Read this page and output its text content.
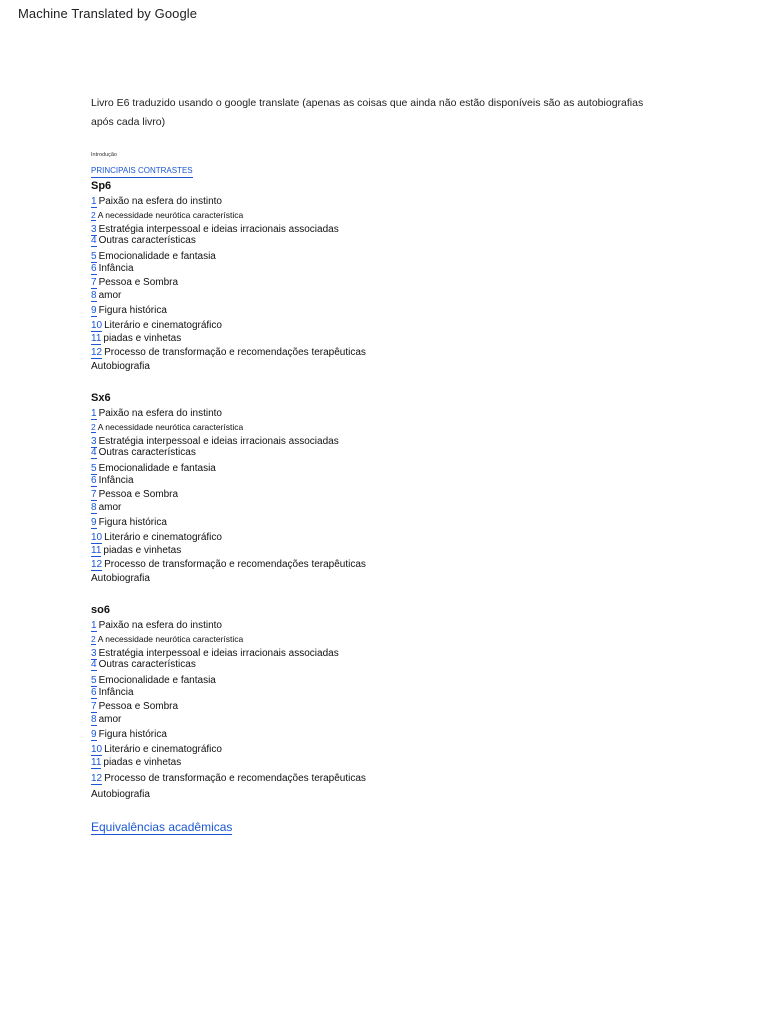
Machine Translated by Google
Livro E6 traduzido usando o google translate (apenas as coisas que ainda não estão disponíveis são as autobiografias após cada livro)
Introdução
PRINCIPAIS CONTRASTES
Sp6
1 Paixão na esfera do instinto
2 A necessidade neurótica característica
3 Estratégia interpessoal e ideias irracionais associadas
4 Outras características
5 Emocionalidade e fantasia
6 Infância
7 Pessoa e Sombra
8 amor
9 Figura histórica
10 Literário e cinematográfico
11 piadas e vinhetas
12 Processo de transformação e recomendações terapêuticas
Autobiografia
Sx6
1 Paixão na esfera do instinto
2 A necessidade neurótica característica
3 Estratégia interpessoal e ideias irracionais associadas
4 Outras características
5 Emocionalidade e fantasia
6 Infância
7 Pessoa e Sombra
8 amor
9 Figura histórica
10 Literário e cinematográfico
11 piadas e vinhetas
12 Processo de transformação e recomendações terapêuticas
Autobiografia
so6
1 Paixão na esfera do instinto
2 A necessidade neurótica característica
3 Estratégia interpessoal e ideias irracionais associadas
4 Outras características
5 Emocionalidade e fantasia
6 Infância
7 Pessoa e Sombra
8 amor
9 Figura histórica
10 Literário e cinematográfico
11 piadas e vinhetas
12 Processo de transformação e recomendações terapêuticas
Autobiografia
Equivalências acadêmicas
